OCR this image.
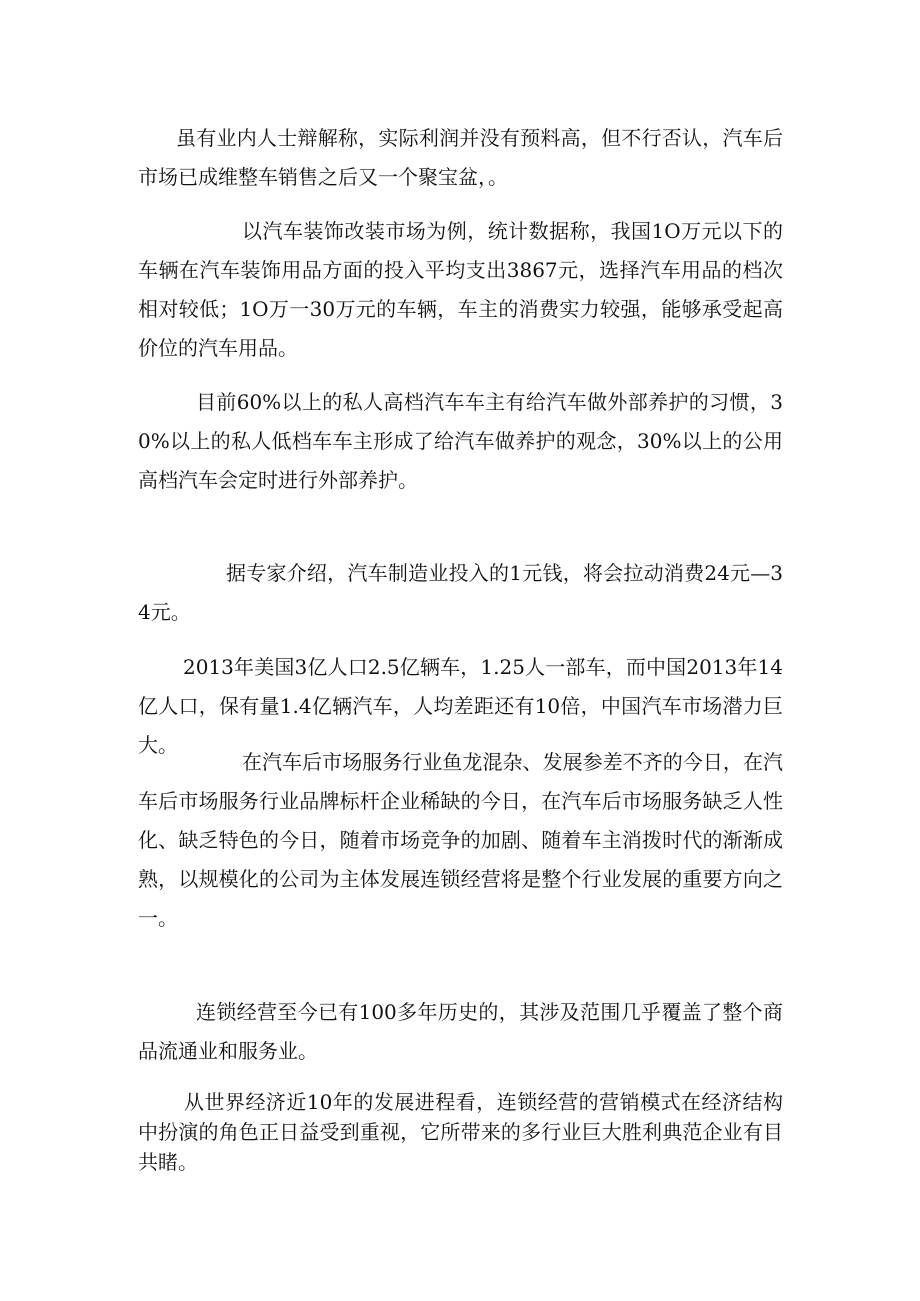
虽有业内人士辩解称，实际利润并没有预料高，但不行否认，汽车后市场已成维整车销售之后又一个聚宝盆，。

以汽车装饰改装市场为例，统计数据称，我国1O万元以下的车辆在汽车装饰用品方面的投入平均支出3867元，选择汽车用品的档次相对较低；1O万一30万元的车辆，车主的消费实力较强，能够承受起高价位的汽车用品。

目前60%以上的私人高档汽车车主有给汽车做外部养护的习惯，30%以上的私人低档车车主形成了给汽车做养护的观念，30%以上的公用高档汽车会定时进行外部养护。

据专家介绍，汽车制造业投入的1元钱，将会拉动消费24元—34元。

2013年美国3亿人口2.5亿辆车，1.25人一部车，而中国2013年14亿人口，保有量1.4亿辆汽车，人均差距还有10倍，中国汽车市场潜力巨大。

在汽车后市场服务行业鱼龙混杂、发展参差不齐的今日，在汽车后市场服务行业品牌标杆企业稀缺的今日，在汽车后市场服务缺乏人性化、缺乏特色的今日，随着市场竞争的加剧、随着车主消拨时代的渐渐成熟，以规模化的公司为主体发展连锁经营将是整个行业发展的重要方向之一。

连锁经营至今已有100多年历史的，其涉及范围几乎覆盖了整个商品流通业和服务业。

从世界经济近10年的发展进程看，连锁经营的营销模式在经济结构中扮演的角色正日益受到重视，它所带来的多行业巨大胜利典范企业有目共睹。
